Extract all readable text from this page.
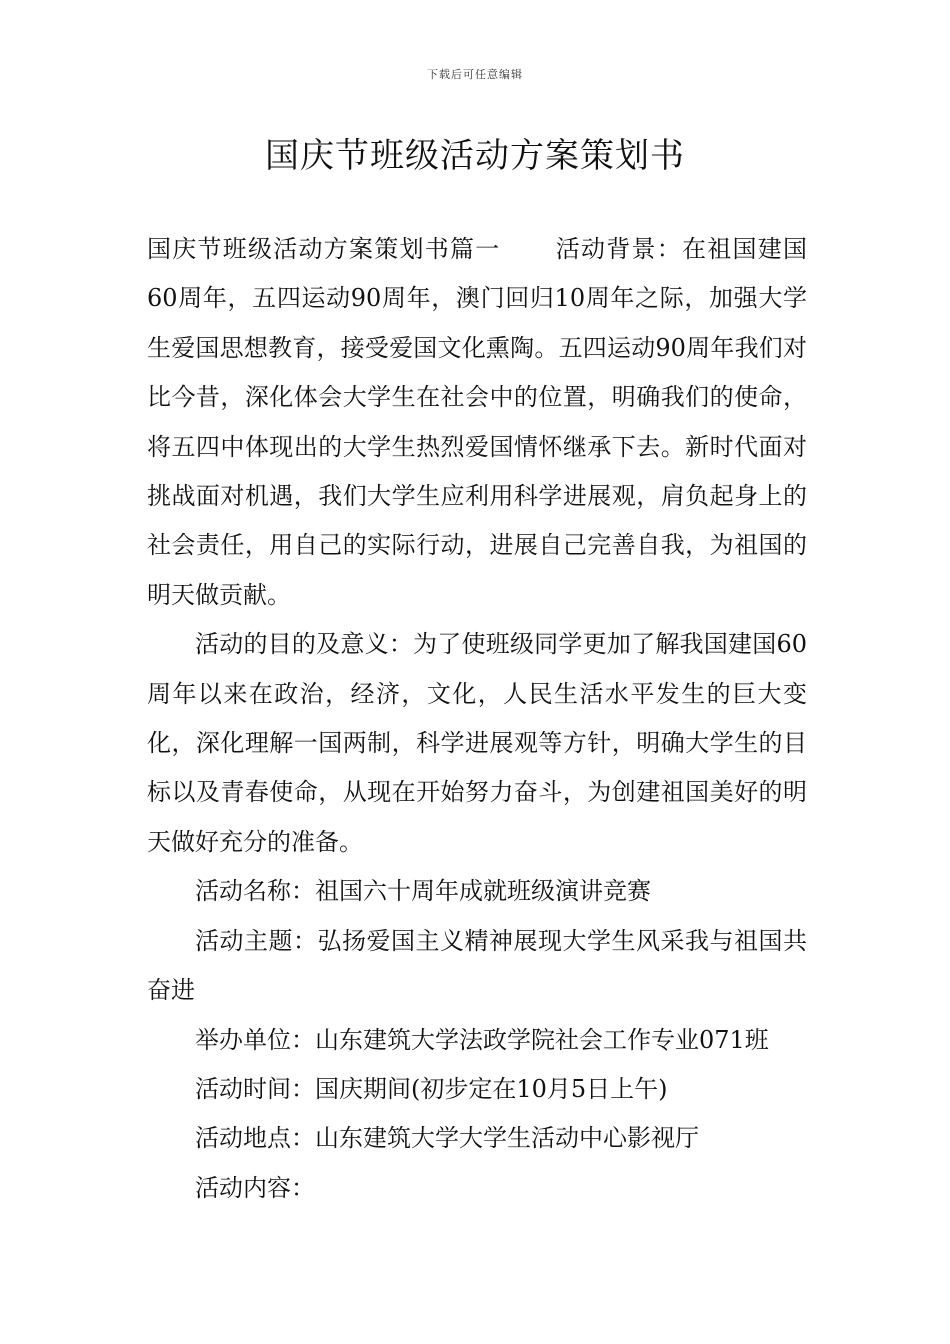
下载后可任意编辑
国庆节班级活动方案策划书

国庆节班级活动方案策划书篇一 活动背景：在祖国建国60周年，五四运动90周年，澳门回归10周年之际，加强大学生爱国思想教育，接受爱国文化熏陶。五四运动90周年我们对比今昔，深化体会大学生在社会中的位置，明确我们的使命，将五四中体现出的大学生热烈爱国情怀继承下去。新时代面对挑战面对机遇，我们大学生应利用科学进展观，肩负起身上的社会责任，用自己的实际行动，进展自己完善自我，为祖国的明天做贡献。

活动的目的及意义：为了使班级同学更加了解我国建国60周年以来在政治，经济，文化，人民生活水平发生的巨大变化，深化理解一国两制，科学进展观等方针，明确大学生的目标以及青春使命，从现在开始努力奋斗，为创建祖国美好的明天做好充分的准备。

活动名称：祖国六十周年成就班级演讲竞赛

活动主题：弘扬爱国主义精神展现大学生风采我与祖国共奋进

举办单位：山东建筑大学法政学院社会工作专业071班

活动时间：国庆期间(初步定在10月5日上午)

活动地点：山东建筑大学大学生活动中心影视厅

活动内容：
